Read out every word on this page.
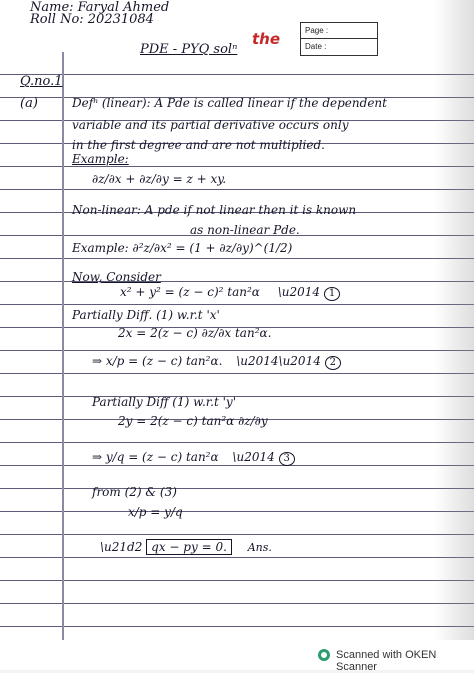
Name: Faryal Ahmed
Roll No: 20231084
PDE - PYQ solⁿ
the	Page :
Date :
Q.no.1
(a)	Defⁿ (linear): A Pde is called linear if the dependent
variable and its partial derivative occurs only
in the first degree and are not multiplied.
Example:
∂z/∂x + ∂z/∂y = z + xy.
Non-linear: A pde if not linear then it is known
as non-linear Pde.
Example: ∂²z/∂x² = (1 + ∂z/∂y)^(1/2)
Now, Consider
x² + y² = (z − c)² tan²α \u2014 1
Partially Diff. (1) w.r.t 'x'
2x = 2(z − c) ∂z/∂x tan²α.
⇒ x/p = (z − c) tan²α. \u2014\u2014 2
Partially Diff (1) w.r.t 'y'
2y = 2(z − c) tan²α ∂z/∂y
⇒ y/q = (z − c) tan²α \u2014 3
from (2) & (3)
x/p = y/q
\u21d2 qx − py = 0. Ans.
Scanned with OKEN Scanner
